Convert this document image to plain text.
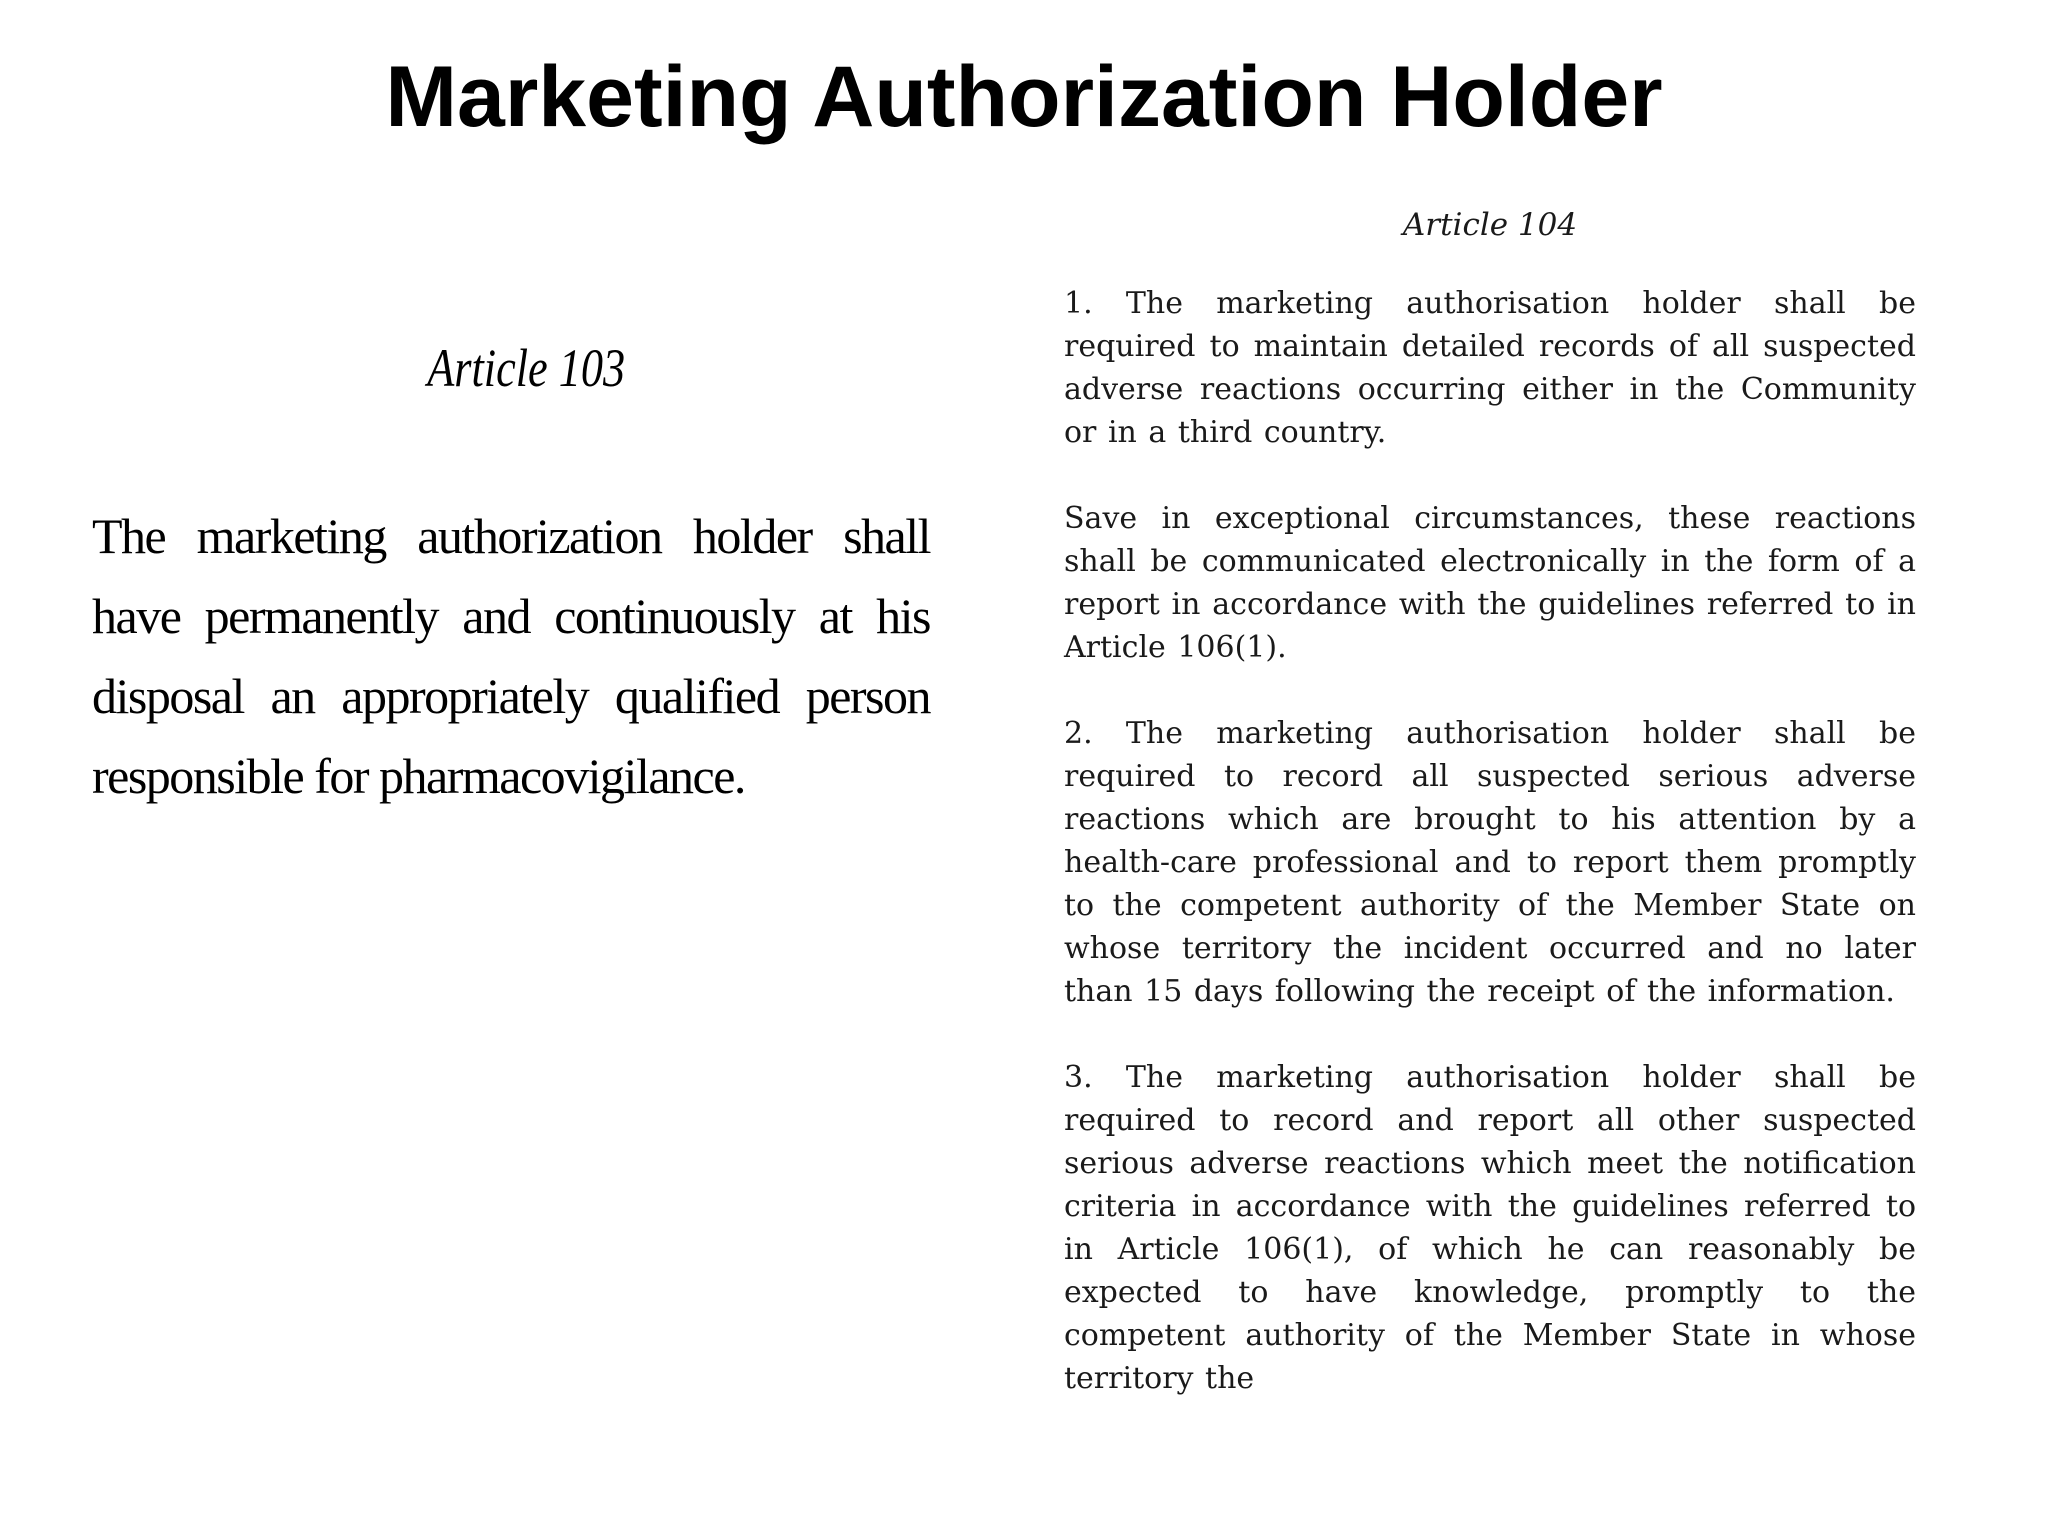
Marketing Authorization Holder
Article 103
The marketing authorization holder shall have permanently and continuously at his disposal an appropriately qualified person responsible for pharmacovigilance.
Article 104

1. The marketing authorisation holder shall be required to maintain detailed records of all suspected adverse reactions occurring either in the Community or in a third country.

Save in exceptional circumstances, these reactions shall be communicated electronically in the form of a report in accordance with the guidelines referred to in Article 106(1).

2. The marketing authorisation holder shall be required to record all suspected serious adverse reactions which are brought to his attention by a health-care professional and to report them promptly to the competent authority of the Member State on whose territory the incident occurred and no later than 15 days following the receipt of the information.

3. The marketing authorisation holder shall be required to record and report all other suspected serious adverse reactions which meet the notification criteria in accordance with the guidelines referred to in Article 106(1), of which he can reasonably be expected to have knowledge, promptly to the competent authority of the Member State in whose territory the
